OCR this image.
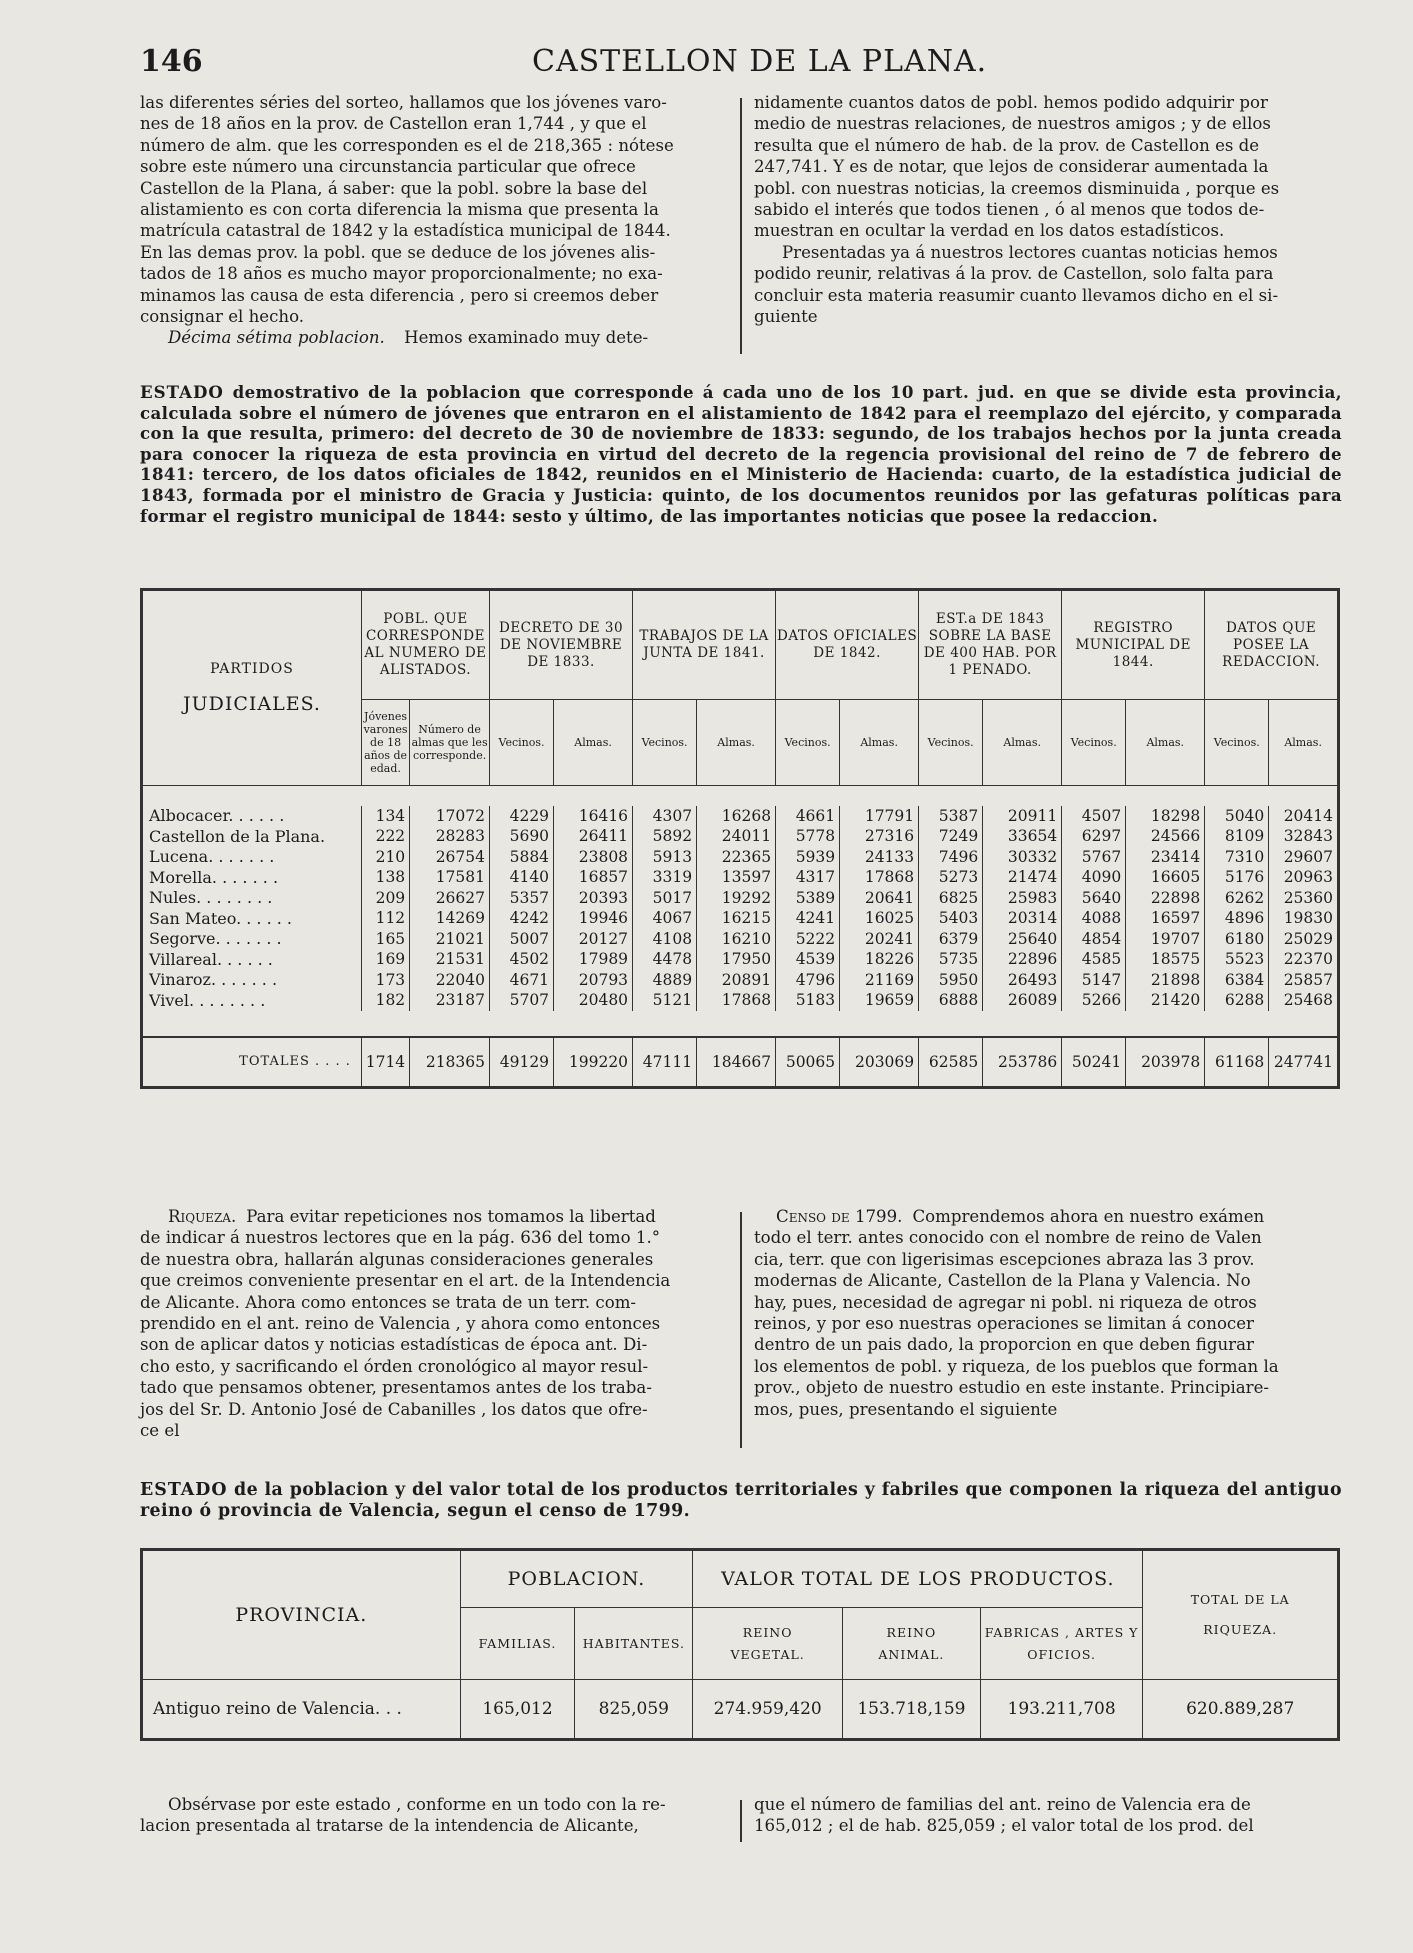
146	CASTELLON DE LA PLANA.
las diferentes séries del sorteo, hallamos que los jóvenes varo-
nes de 18 años en la prov. de Castellon eran 1,744 , y que el
número de alm. que les corresponden es el de 218,365 : nótese
sobre este número una circunstancia particular que ofrece
Castellon de la Plana, á saber: que la pobl. sobre la base del
alistamiento es con corta diferencia la misma que presenta la
matrícula catastral de 1842 y la estadística municipal de 1844.
En las demas prov. la pobl. que se deduce de los jóvenes alis-
tados de 18 años es mucho mayor proporcionalmente; no exa-
minamos las causa de esta diferencia , pero si creemos deber
consignar el hecho.
Décima sétima poblacion. Hemos examinado muy dete-
nidamente cuantos datos de pobl. hemos podido adquirir por
medio de nuestras relaciones, de nuestros amigos ; y de ellos
resulta que el número de hab. de la prov. de Castellon es de
247,741. Y es de notar, que lejos de considerar aumentada la
pobl. con nuestras noticias, la creemos disminuida , porque es
sabido el interés que todos tienen , ó al menos que todos de-
muestran en ocultar la verdad en los datos estadísticos.
Presentadas ya á nuestros lectores cuantas noticias hemos
podido reunir, relativas á la prov. de Castellon, solo falta para
concluir esta materia reasumir cuanto llevamos dicho en el si-
guiente
ESTADO demostrativo de la poblacion que corresponde á cada uno de los 10 part. jud. en que se divide esta provincia, calculada sobre el número de jóvenes que entraron en el alistamiento de 1842 para el reemplazo del ejército, y comparada con la que resulta, primero: del decreto de 30 de noviembre de 1833: segundo, de los trabajos hechos por la junta creada para conocer la riqueza de esta provincia en virtud del decreto de la regencia provisional del reino de 7 de febrero de 1841: tercero, de los datos oficiales de 1842, reunidos en el Ministerio de Hacienda: cuarto, de la estadística judicial de 1843, formada por el ministro de Gracia y Justicia: quinto, de los documentos reunidos por las gefaturas políticas para formar el registro municipal de 1844: sesto y último, de las importantes noticias que posee la redaccion.
PARTIDOS
JUDICIALES.	POBL. QUE CORRESPONDE AL NUMERO DE ALISTADOS.		DECRETO DE 30 DE NOVIEMBRE DE 1833.		TRABAJOS DE LA JUNTA DE 1841.		DATOS OFICIALES DE 1842.		EST.a DE 1843 SOBRE LA BASE DE 400 HAB. POR 1 PENADO.		REGISTRO MUNICIPAL DE 1844.		DATOS QUE POSEE LA REDACCION.	
	Jóvenes varones de 18 años de edad.	Número de almas que les corresponde.	Vecinos.	Almas.	Vecinos.	Almas.	Vecinos.	Almas.	Vecinos.	Almas.	Vecinos.	Almas.	Vecinos.	Almas.

Albocacer. . . . . .	134	17072	4229	16416	4307	16268	4661	17791	5387	20911	4507	18298	5040	20414
Castellon de la Plana.	222	28283	5690	26411	5892	24011	5778	27316	7249	33654	6297	24566	8109	32843
Lucena. . . . . . .	210	26754	5884	23808	5913	22365	5939	24133	7496	30332	5767	23414	7310	29607
Morella. . . . . . .	138	17581	4140	16857	3319	13597	4317	17868	5273	21474	4090	16605	5176	20963
Nules. . . . . . . .	209	26627	5357	20393	5017	19292	5389	20641	6825	25983	5640	22898	6262	25360
San Mateo. . . . . .	112	14269	4242	19946	4067	16215	4241	16025	5403	20314	4088	16597	4896	19830
Segorve. . . . . . .	165	21021	5007	20127	4108	16210	5222	20241	6379	25640	4854	19707	6180	25029
Villareal. . . . . .	169	21531	4502	17989	4478	17950	4539	18226	5735	22896	4585	18575	5523	22370
Vinaroz. . . . . . .	173	22040	4671	20793	4889	20891	4796	21169	5950	26493	5147	21898	6384	25857
Vivel. . . . . . . .	182	23187	5707	20480	5121	17868	5183	19659	6888	26089	5266	21420	6288	25468

TOTALES . . . .	1714	218365	49129	199220	47111	184667	50065	203069	62585	253786	50241	203978	61168	247741
Riqueza. Para evitar repeticiones nos tomamos la libertad
de indicar á nuestros lectores que en la pág. 636 del tomo 1.°
de nuestra obra, hallarán algunas consideraciones generales
que creimos conveniente presentar en el art. de la Intendencia
de Alicante. Ahora como entonces se trata de un terr. com-
prendido en el ant. reino de Valencia , y ahora como entonces
son de aplicar datos y noticias estadísticas de época ant. Di-
cho esto, y sacrificando el órden cronológico al mayor resul-
tado que pensamos obtener, presentamos antes de los traba-
jos del Sr. D. Antonio José de Cabanilles , los datos que ofre-
ce el
Censo de 1799. Comprendemos ahora en nuestro exámen
todo el terr. antes conocido con el nombre de reino de Valen
cia, terr. que con ligerisimas escepciones abraza las 3 prov.
modernas de Alicante, Castellon de la Plana y Valencia. No
hay, pues, necesidad de agregar ni pobl. ni riqueza de otros
reinos, y por eso nuestras operaciones se limitan á conocer
dentro de un pais dado, la proporcion en que deben figurar
los elementos de pobl. y riqueza, de los pueblos que forman la
prov., objeto de nuestro estudio en este instante. Principiare-
mos, pues, presentando el siguiente
ESTADO de la poblacion y del valor total de los productos territoriales y fabriles que componen la riqueza del antiguo reino ó provincia de Valencia, segun el censo de 1799.
PROVINCIA.	POBLACION.		VALOR TOTAL DE LOS PRODUCTOS.			TOTAL DE LA RIQUEZA.
	FAMILIAS.	HABITANTES.	REINO VEGETAL.	REINO ANIMAL.	FABRICAS , ARTES Y OFICIOS.	
Antiguo reino de Valencia. . .	165,012	825,059	274.959,420	153.718,159	193.211,708	620.889,287
Obsérvase por este estado , conforme en un todo con la re-
lacion presentada al tratarse de la intendencia de Alicante,
que el número de familias del ant. reino de Valencia era de
165,012 ; el de hab. 825,059 ; el valor total de los prod. del
